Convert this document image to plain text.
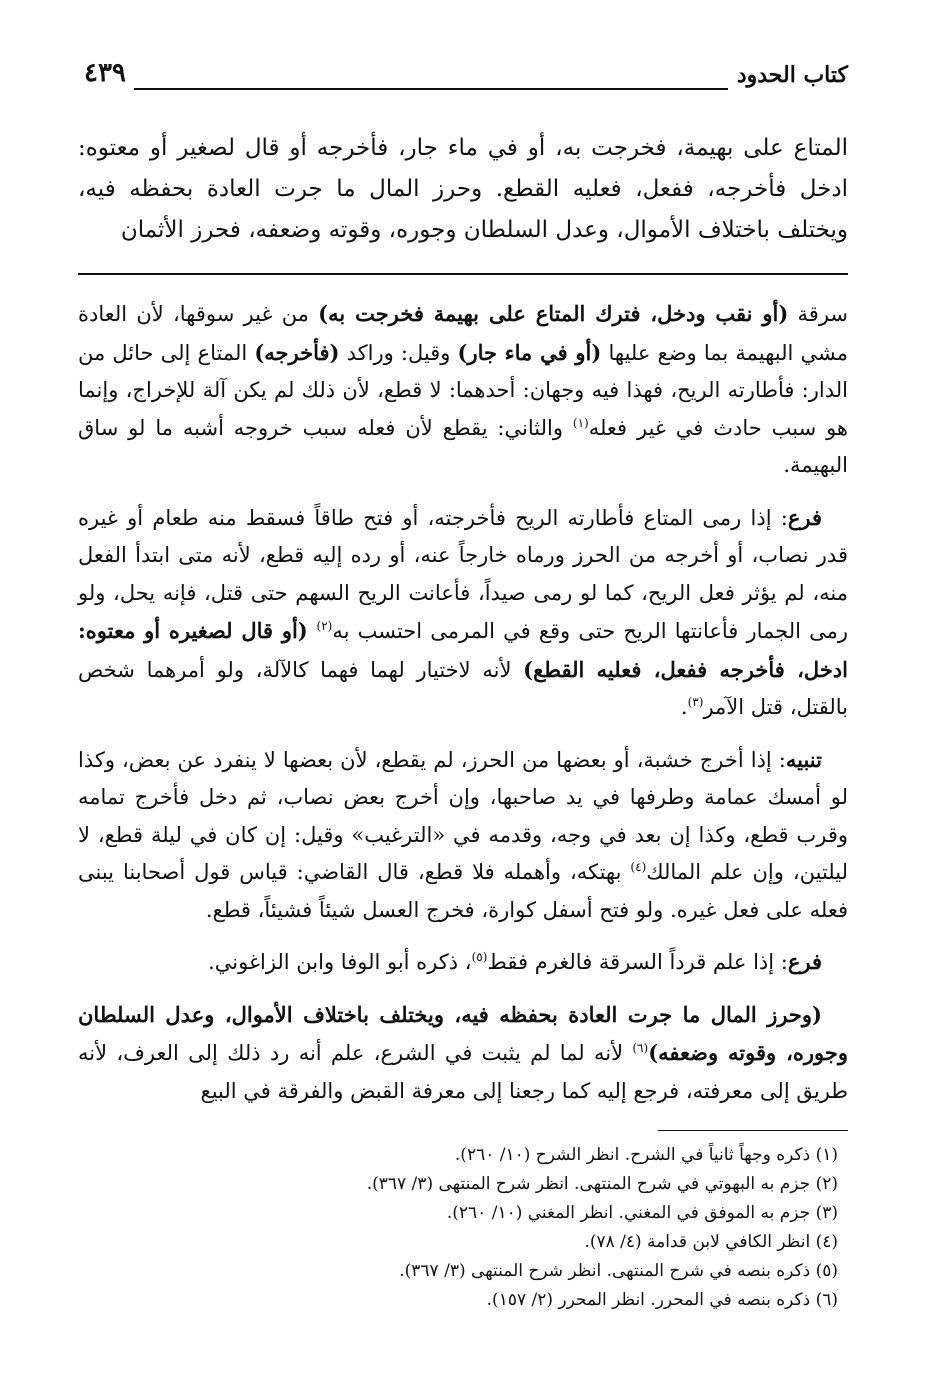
كتاب الحدود
٤٣٩
المتاع على بهيمة، فخرجت به، أو في ماء جار، فأخرجه أو قال لصغير أو معتوه: ادخل فأخرجه، ففعل، فعليه القطع. وحرز المال ما جرت العادة بحفظه فيه، ويختلف باختلاف الأموال، وعدل السلطان وجوره، وقوته وضعفه، فحرز الأثمان

سرقة (أو نقب ودخل، فترك المتاع على بهيمة فخرجت به) من غير سوقها، لأن العادة مشي البهيمة بما وضع عليها (أو في ماء جار) وقيل: وراكد (فأخرجه) المتاع إلى حائل من الدار: فأطارته الريح، فهذا فيه وجهان: أحدهما: لا قطع، لأن ذلك لم يكن آلة للإخراج، وإنما هو سبب حادث في غير فعله$^{(١)}$ والثاني: يقطع لأن فعله سبب خروجه أشبه ما لو ساق البهيمة.

فرع: إذا رمى المتاع فأطارته الريح فأخرجته، أو فتح طاقاً فسقط منه طعام أو غيره قدر نصاب، أو أخرجه من الحرز ورماه خارجاً عنه، أو رده إليه قطع، لأنه متى ابتدأ الفعل منه، لم يؤثر فعل الريح، كما لو رمى صيداً، فأعانت الريح السهم حتى قتل، فإنه يحل، ولو رمى الجمار فأعانتها الريح حتى وقع في المرمى احتسب به$^{(٢)}$ (أو قال لصغيره أو معتوه: ادخل، فأخرجه ففعل، فعليه القطع) لأنه لاختيار لهما فهما كالآلة، ولو أمرهما شخص بالقتل، قتل الآمر$^{(٣)}$.

تنبيه: إذا أخرج خشبة، أو بعضها من الحرز، لم يقطع، لأن بعضها لا ينفرد عن بعض، وكذا لو أمسك عمامة وطرفها في يد صاحبها، وإن أخرج بعض نصاب، ثم دخل فأخرج تمامه وقرب قطع، وكذا إن بعد في وجه، وقدمه في «الترغيب» وقيل: إن كان في ليلة قطع، لا ليلتين، وإن علم المالك$^{(٤)}$ بهتكه، وأهمله فلا قطع، قال القاضي: قياس قول أصحابنا يبنى فعله على فعل غيره. ولو فتح أسفل كوارة، فخرج العسل شيئاً فشيئاً، قطع.

فرع: إذا علم قرداً السرقة فالغرم فقط$^{(٥)}$، ذكره أبو الوفا وابن الزاغوني.

(وحرز المال ما جرت العادة بحفظه فيه، ويختلف باختلاف الأموال، وعدل السلطان وجوره، وقوته وضعفه)$^{(٦)}$ لأنه لما لم يثبت في الشرع، علم أنه رد ذلك إلى العرف، لأنه طريق إلى معرفته، فرجع إليه كما رجعنا إلى معرفة القبض والفرقة في البيع

(١) ذكره وجهاً ثانياً في الشرح. انظر الشرح (١٠/ ٢٦٠).
(٢) جزم به البهوتي في شرح المنتهى. انظر شرح المنتهى (٣/ ٣٦٧).
(٣) جزم به الموفق في المغني. انظر المغني (١٠/ ٢٦٠).
(٤) انظر الكافي لابن قدامة (٤/ ٧٨).
(٥) ذكره بنصه في شرح المنتهى. انظر شرح المنتهى (٣/ ٣٦٧).
(٦) ذكره بنصه في المحرر. انظر المحرر (٢/ ١٥٧).
